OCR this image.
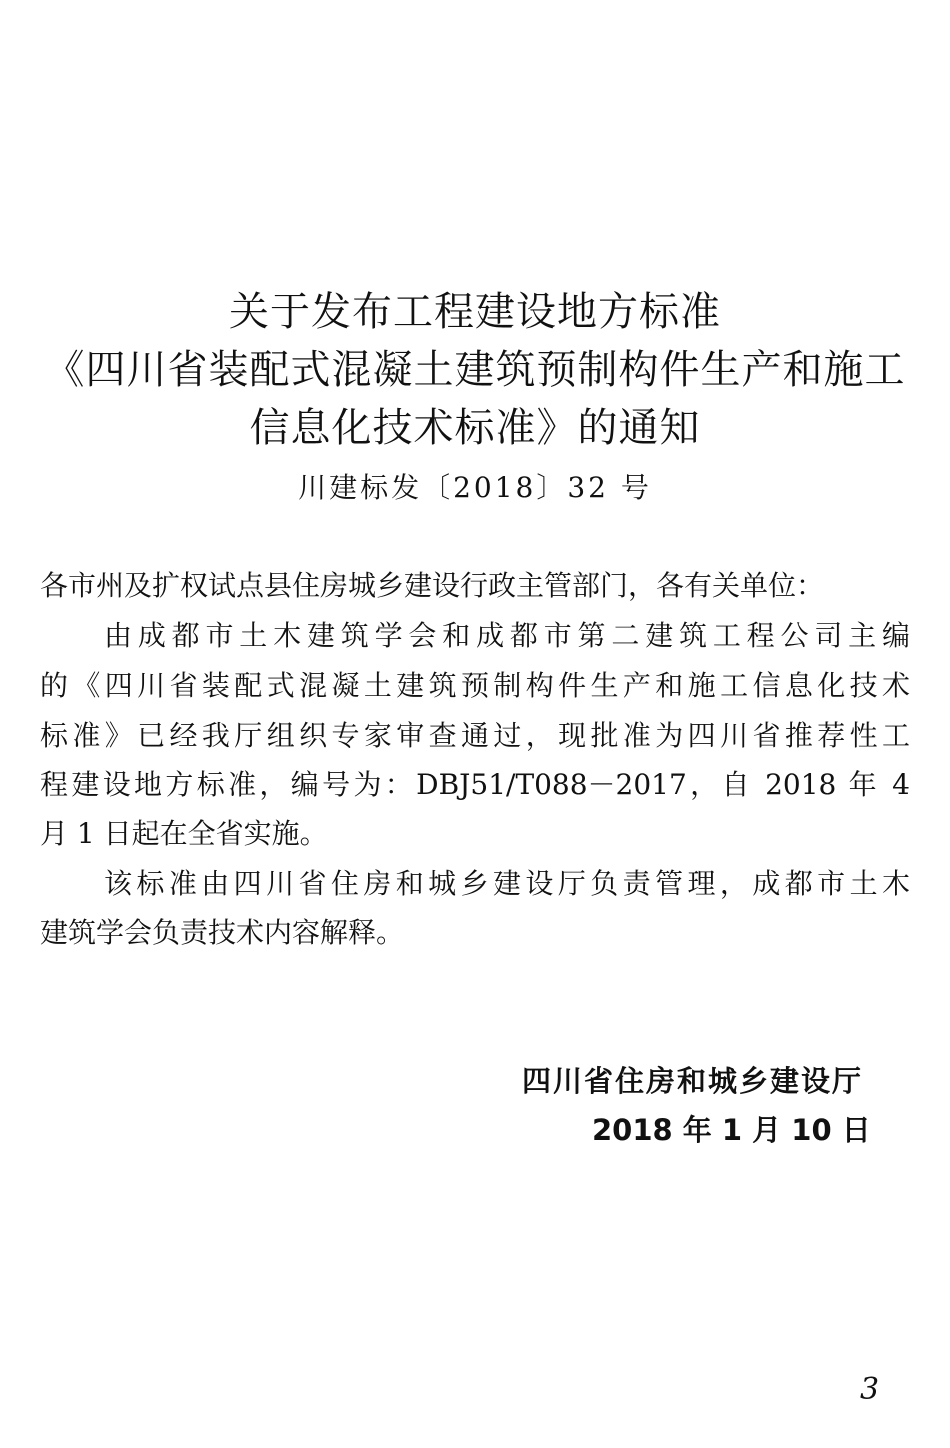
关于发布工程建设地方标准
《四川省装配式混凝土建筑预制构件生产和施工
信息化技术标准》的通知
川建标发〔2018〕32 号
各市州及扩权试点县住房城乡建设行政主管部门，各有关单位：
由成都市土木建筑学会和成都市第二建筑工程公司主编
的《四川省装配式混凝土建筑预制构件生产和施工信息化技术
标准》已经我厅组织专家审查通过，现批准为四川省推荐性工
程建设地方标准，编号为：DBJ51/T088－2017，自 2018 年 4
月 1 日起在全省实施。
该标准由四川省住房和城乡建设厅负责管理，成都市土木
建筑学会负责技术内容解释。
四川省住房和城乡建设厅
2018 年 1 月 10 日
3
